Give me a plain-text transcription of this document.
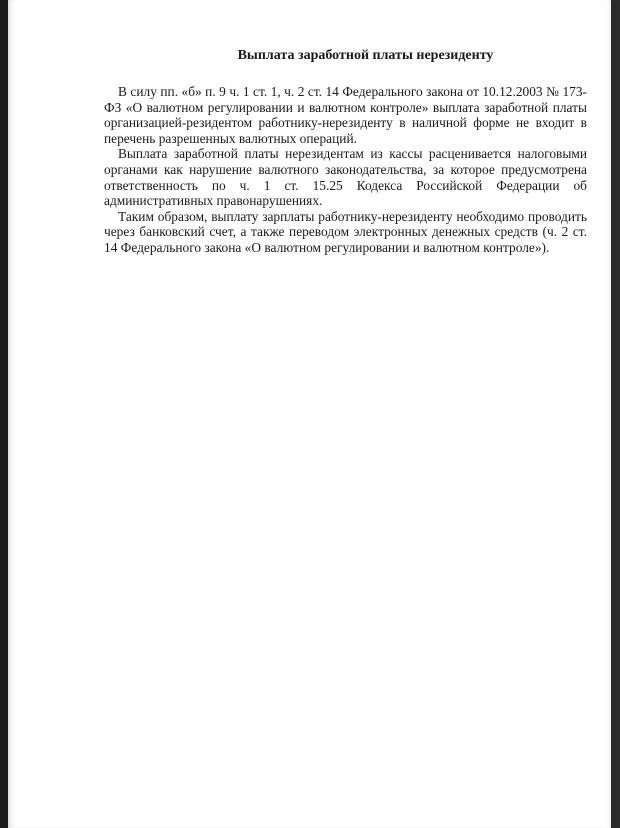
Выплата заработной платы нерезиденту

В силу пп. «б» п. 9 ч. 1 ст. 1, ч. 2 ст. 14 Федерального закона от 10.12.2003 № 173-ФЗ «О валютном регулировании и валютном контроле» выплата заработной платы организацией-резидентом работнику-нерезиденту в наличной форме не входит в перечень разрешенных валютных операций.

Выплата заработной платы нерезидентам из кассы расценивается налоговыми органами как нарушение валютного законодательства, за которое предусмотрена ответственность по ч. 1 ст. 15.25 Кодекса Российской Федерации об административных правонарушениях.

Таким образом, выплату зарплаты работнику-нерезиденту необходимо проводить через банковский счет, а также переводом электронных денежных средств (ч. 2 ст. 14 Федерального закона «О валютном регулировании и валютном контроле»).
